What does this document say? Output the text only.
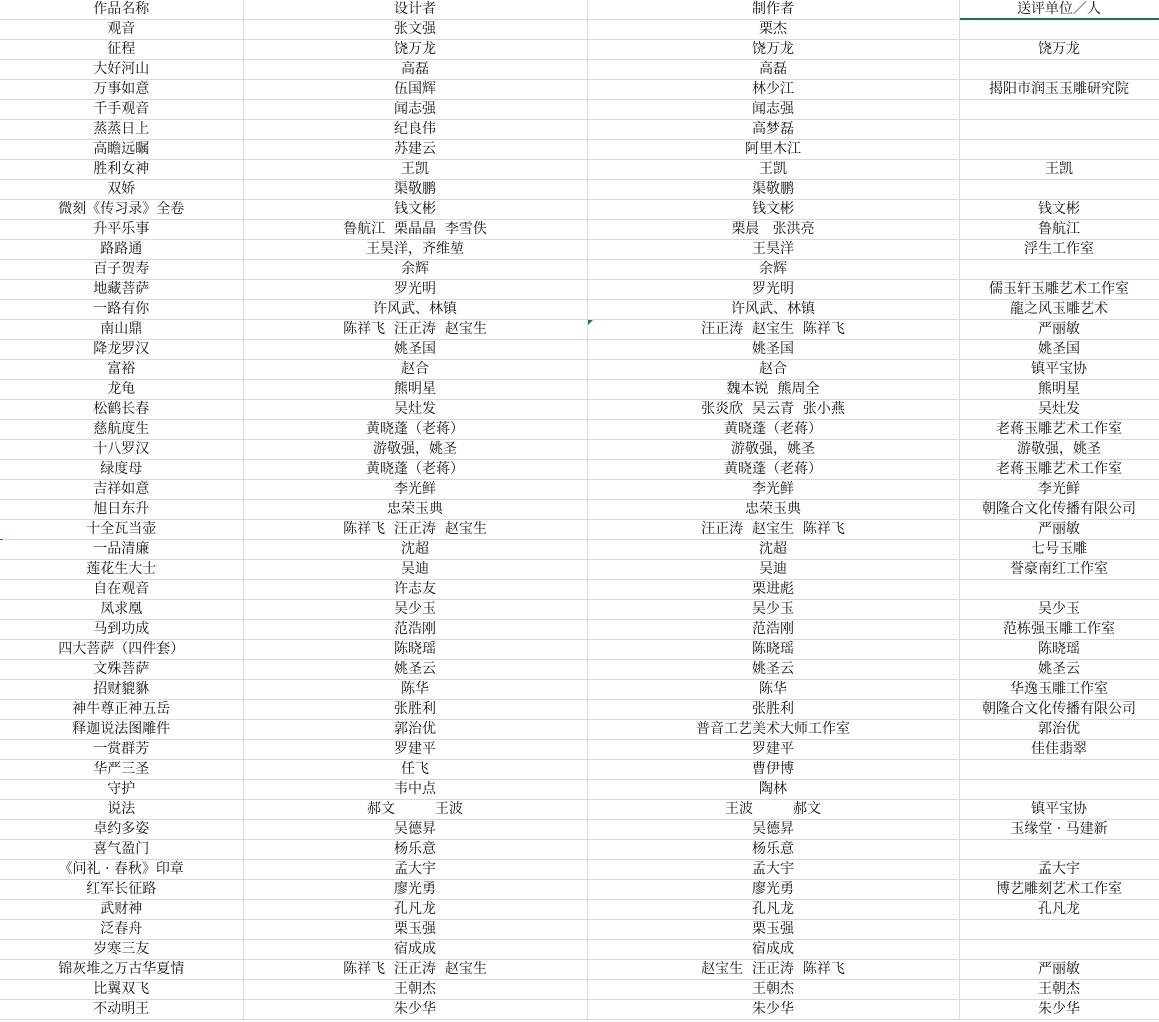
作品名称	设计者	制作者	送评单位／人
观音	张文强	栗杰	
征程	饶万龙	饶万龙	饶万龙
大好河山	高磊	高磊	
万事如意	伍国辉	林少江	揭阳市润玉玉雕研究院
千手观音	闻志强	闻志强	
蒸蒸日上	纪良伟	高梦磊	
高瞻远瞩	苏建云	阿里木江	
胜利女神	王凯	王凯	王凯
双娇	渠敬鹏	渠敬鹏	
微刻《传习录》全卷	钱文彬	钱文彬	钱文彬
升平乐事	鲁航江  栗晶晶  李雪佚	栗晨   张洪亮	鲁航江
路路通	王昊洋，齐维堃	王昊洋	浮生工作室
百子贺寿	余辉	余辉	
地藏菩萨	罗光明	罗光明	儒玉轩玉雕艺术工作室
一路有你	许风武、林镇	许风武、林镇	龍之风玉雕艺术
南山鼎	陈祥飞  汪正涛  赵宝生	汪正涛  赵宝生  陈祥飞	严丽敏
降龙罗汉	姚圣国	姚圣国	姚圣国
富裕	赵合	赵合	镇平宝协
龙龟	熊明星	魏本锐  熊周全	熊明星
松鹤长春	吴灶发	张炎欣  吴云青  张小燕	吴灶发
慈航度生	黄晓蓬（老蒋）	黄晓蓬（老蒋）	老蒋玉雕艺术工作室
十八罗汉	游敬强，姚圣	游敬强，姚圣	游敬强，姚圣
绿度母	黄晓蓬（老蒋）	黄晓蓬（老蒋）	老蒋玉雕艺术工作室
吉祥如意	李光鲜	李光鲜	李光鲜
旭日东升	忠荣玉典	忠荣玉典	朝隆合文化传播有限公司
十全瓦当壶	陈祥飞  汪正涛  赵宝生	汪正涛  赵宝生  陈祥飞	严丽敏
一品清廉	沈超	沈超	七号玉雕
莲花生大士	吴迪	吴迪	誉豪南红工作室
自在观音	许志友	栗进彪	
凤求凰	吴少玉	吴少玉	吴少玉
马到功成	范浩刚	范浩刚	范栋强玉雕工作室
四大菩萨（四件套）	陈晓瑶	陈晓瑶	陈晓瑶
文殊菩萨	姚圣云	姚圣云	姚圣云
招财貔貅	陈华	陈华	华逸玉雕工作室
神牛尊正神五岳	张胜利	张胜利	朝隆合文化传播有限公司
释迦说法图雕件	郭治优	普音工艺美术大师工作室	郭治优
一赏群芳	罗建平	罗建平	佳佳翡翠
华严三圣	任飞	曹伊博	
守护	韦中点	陶林	
说法	郝文         王波	王波         郝文	镇平宝协
卓约多姿	吴德昇	吴德昇	玉缘堂 · 马建新
喜气盈门	杨乐意	杨乐意	
《问礼 · 春秋》印章	孟大宇	孟大宇	孟大宇
红军长征路	廖光勇	廖光勇	博艺雕刻艺术工作室
武财神	孔凡龙	孔凡龙	孔凡龙
泛春舟	栗玉强	栗玉强	
岁寒三友	宿成成	宿成成	
锦灰堆之万古华夏情	陈祥飞  汪正涛  赵宝生	赵宝生  汪正涛  陈祥飞	严丽敏
比翼双飞	王朝杰	王朝杰	王朝杰
不动明王	朱少华	朱少华	朱少华
